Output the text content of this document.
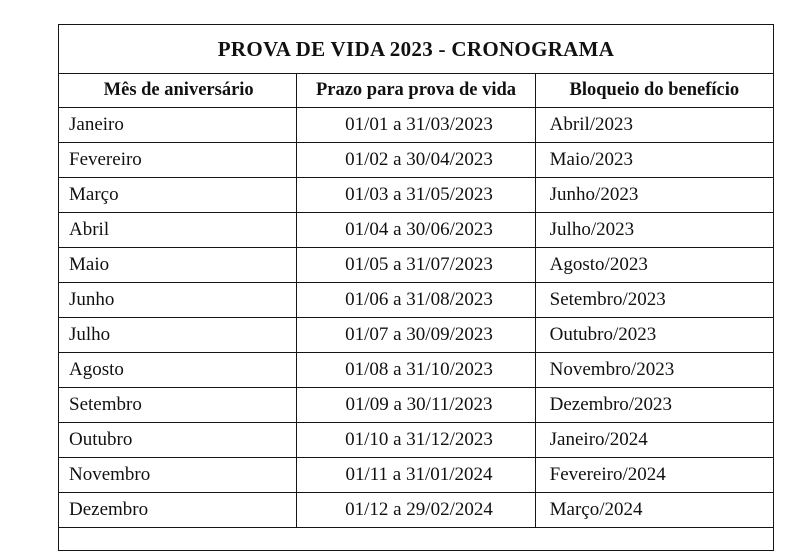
PROVA DE VIDA 2023 - CRONOGRAMA		
Mês de aniversário	Prazo para prova de vida	Bloqueio do benefício
Janeiro	01/01 a 31/03/2023	Abril/2023
Fevereiro	01/02 a 30/04/2023	Maio/2023
Março	01/03 a 31/05/2023	Junho/2023
Abril	01/04 a 30/06/2023	Julho/2023
Maio	01/05 a 31/07/2023	Agosto/2023
Junho	01/06 a 31/08/2023	Setembro/2023
Julho	01/07 a 30/09/2023	Outubro/2023
Agosto	01/08 a 31/10/2023	Novembro/2023
Setembro	01/09 a 30/11/2023	Dezembro/2023
Outubro	01/10 a 31/12/2023	Janeiro/2024
Novembro	01/11 a 31/01/2024	Fevereiro/2024
Dezembro	01/12 a 29/02/2024	Março/2024
